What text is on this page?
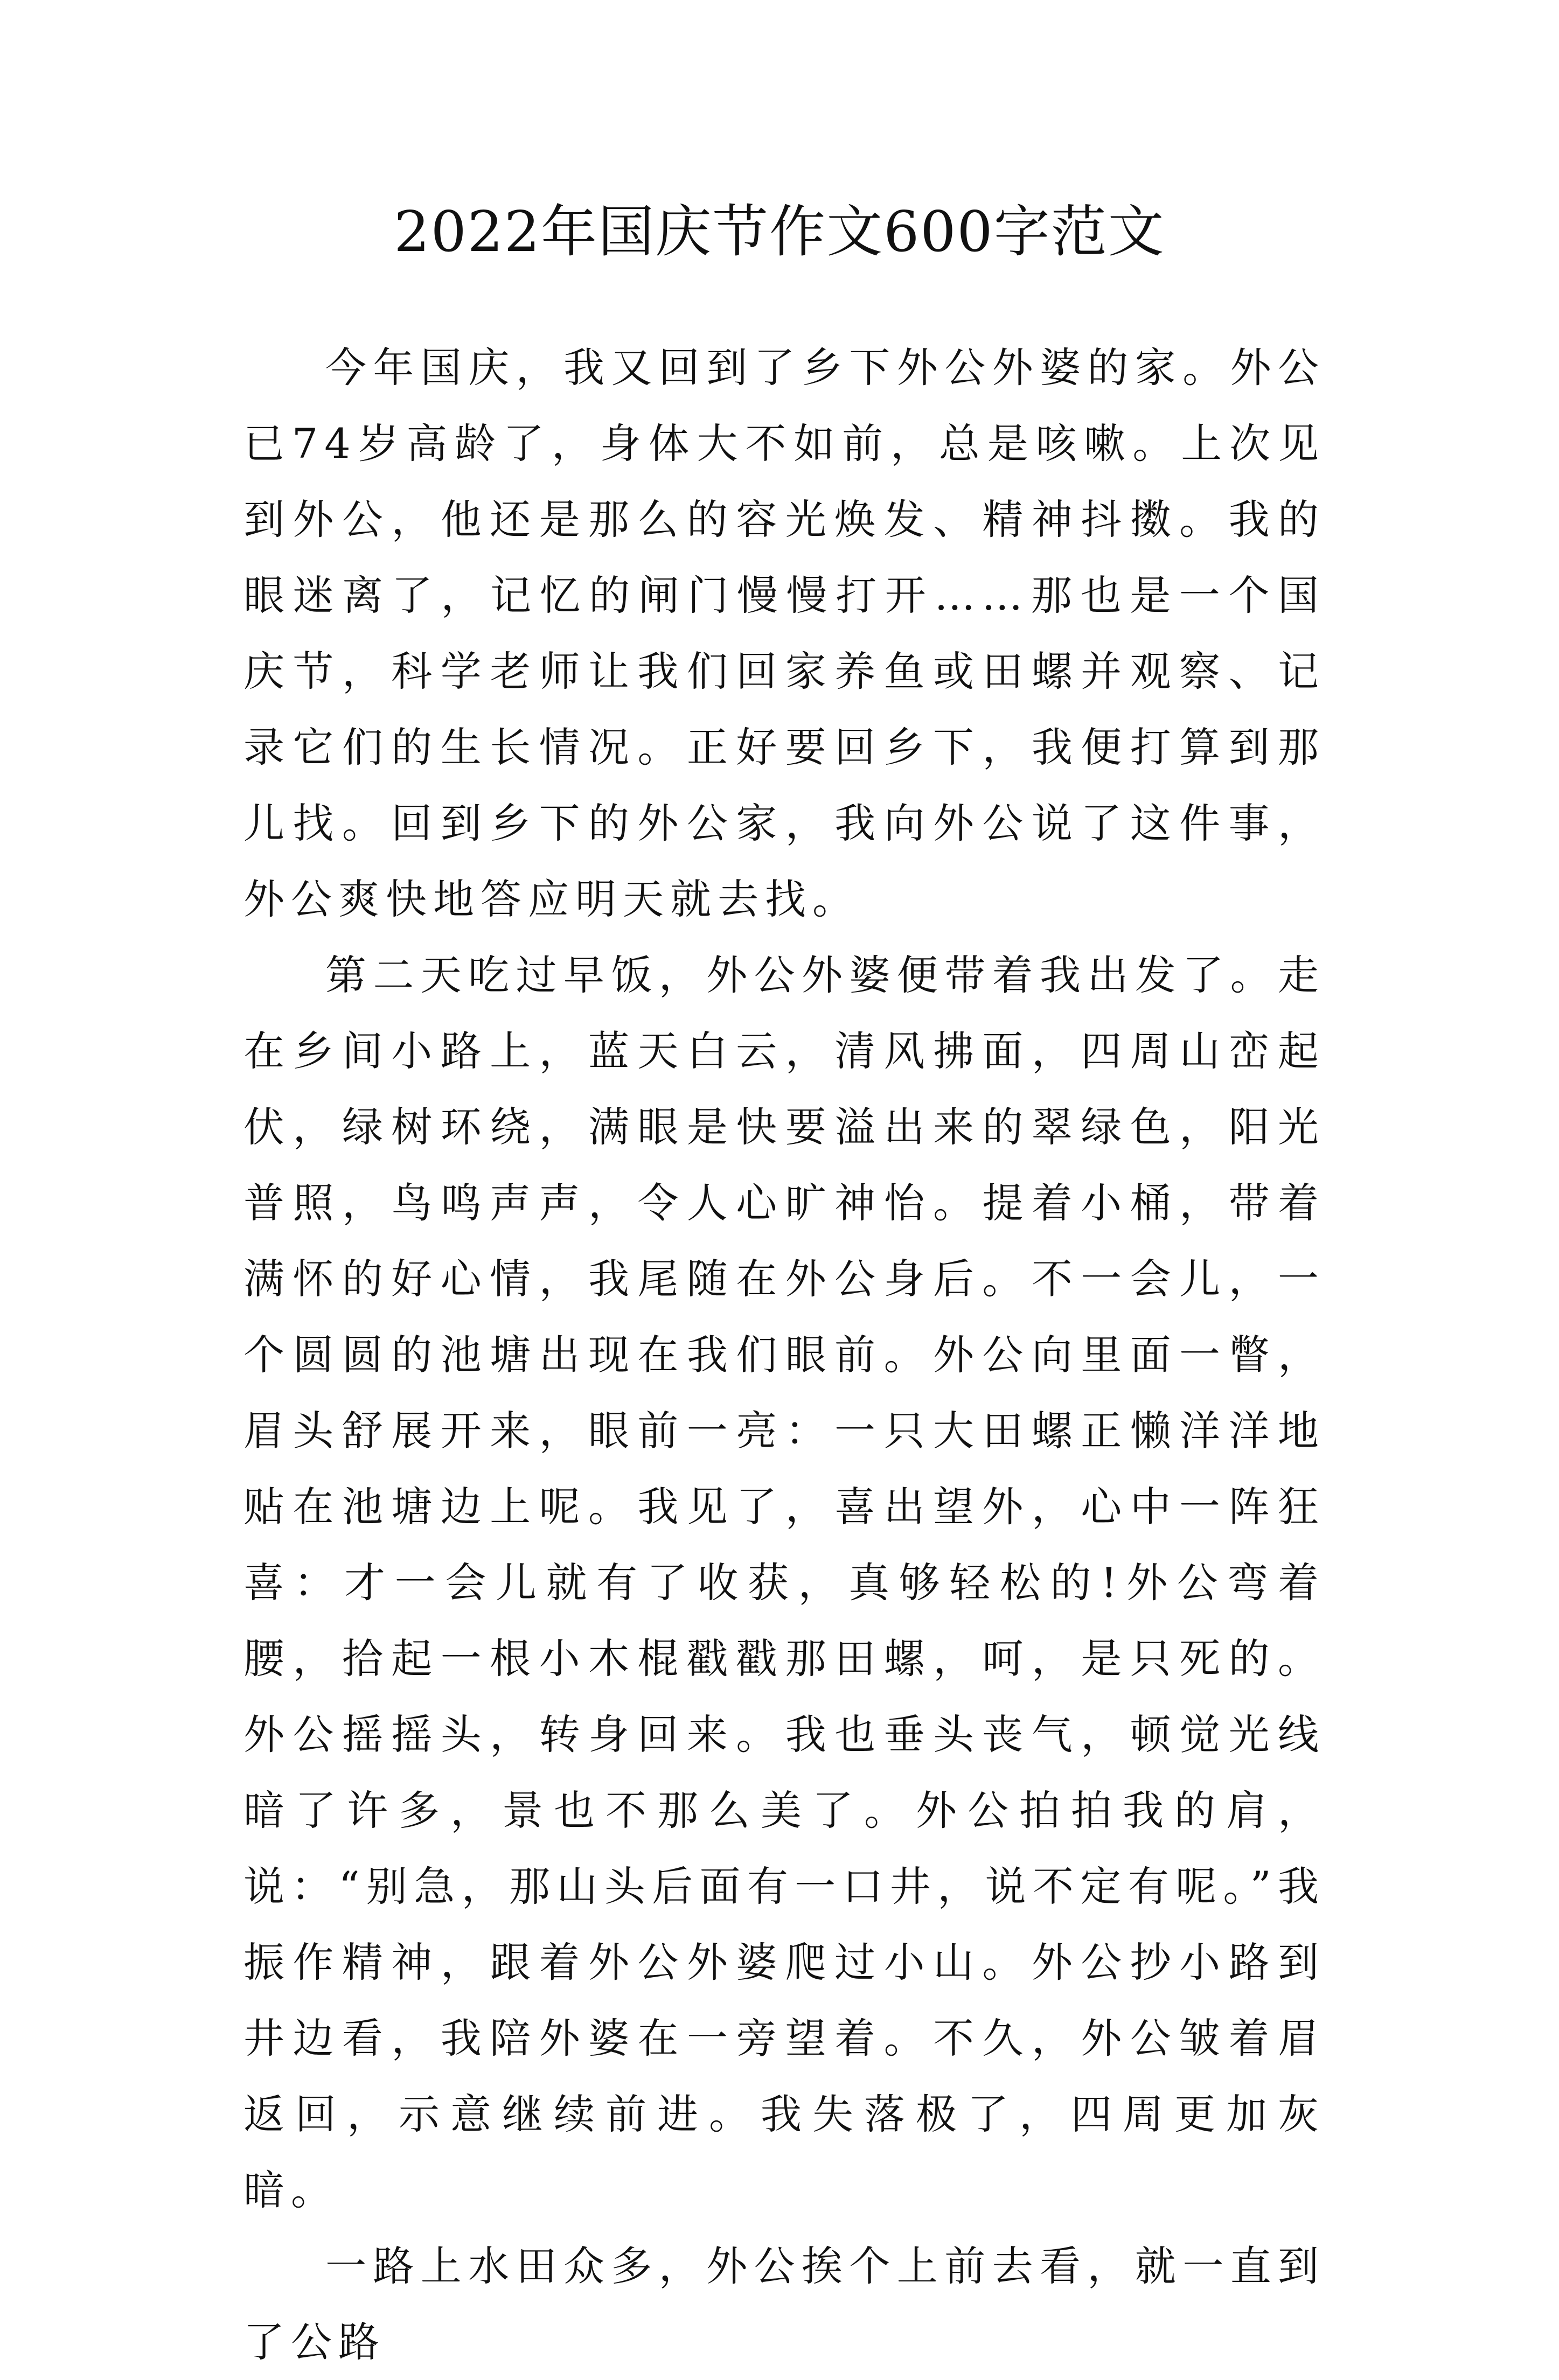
2022年国庆节作文600字范文

今年国庆，我又回到了乡下外公外婆的家。外公已74岁高龄了，身体大不如前，总是咳嗽。上次见到外公，他还是那么的容光焕发、精神抖擞。我的眼迷离了，记忆的闸门慢慢打开……那也是一个国庆节，科学老师让我们回家养鱼或田螺并观察、记录它们的生长情况。正好要回乡下，我便打算到那儿找。回到乡下的外公家，我向外公说了这件事，外公爽快地答应明天就去找。

第二天吃过早饭，外公外婆便带着我出发了。走在乡间小路上，蓝天白云，清风拂面，四周山峦起伏，绿树环绕，满眼是快要溢出来的翠绿色，阳光普照，鸟鸣声声，令人心旷神怡。提着小桶，带着满怀的好心情，我尾随在外公身后。不一会儿，一个圆圆的池塘出现在我们眼前。外公向里面一瞥，眉头舒展开来，眼前一亮：一只大田螺正懒洋洋地贴在池塘边上呢。我见了，喜出望外，心中一阵狂喜：才一会儿就有了收获，真够轻松的!外公弯着腰，拾起一根小木棍戳戳那田螺，呵，是只死的。外公摇摇头，转身回来。我也垂头丧气，顿觉光线暗了许多，景也不那么美了。外公拍拍我的肩，说：“别急，那山头后面有一口井，说不定有呢。”我振作精神，跟着外公外婆爬过小山。外公抄小路到井边看，我陪外婆在一旁望着。不久，外公皱着眉返回，示意继续前进。我失落极了，四周更加灰暗。

一路上水田众多，外公挨个上前去看，就一直到了公路
